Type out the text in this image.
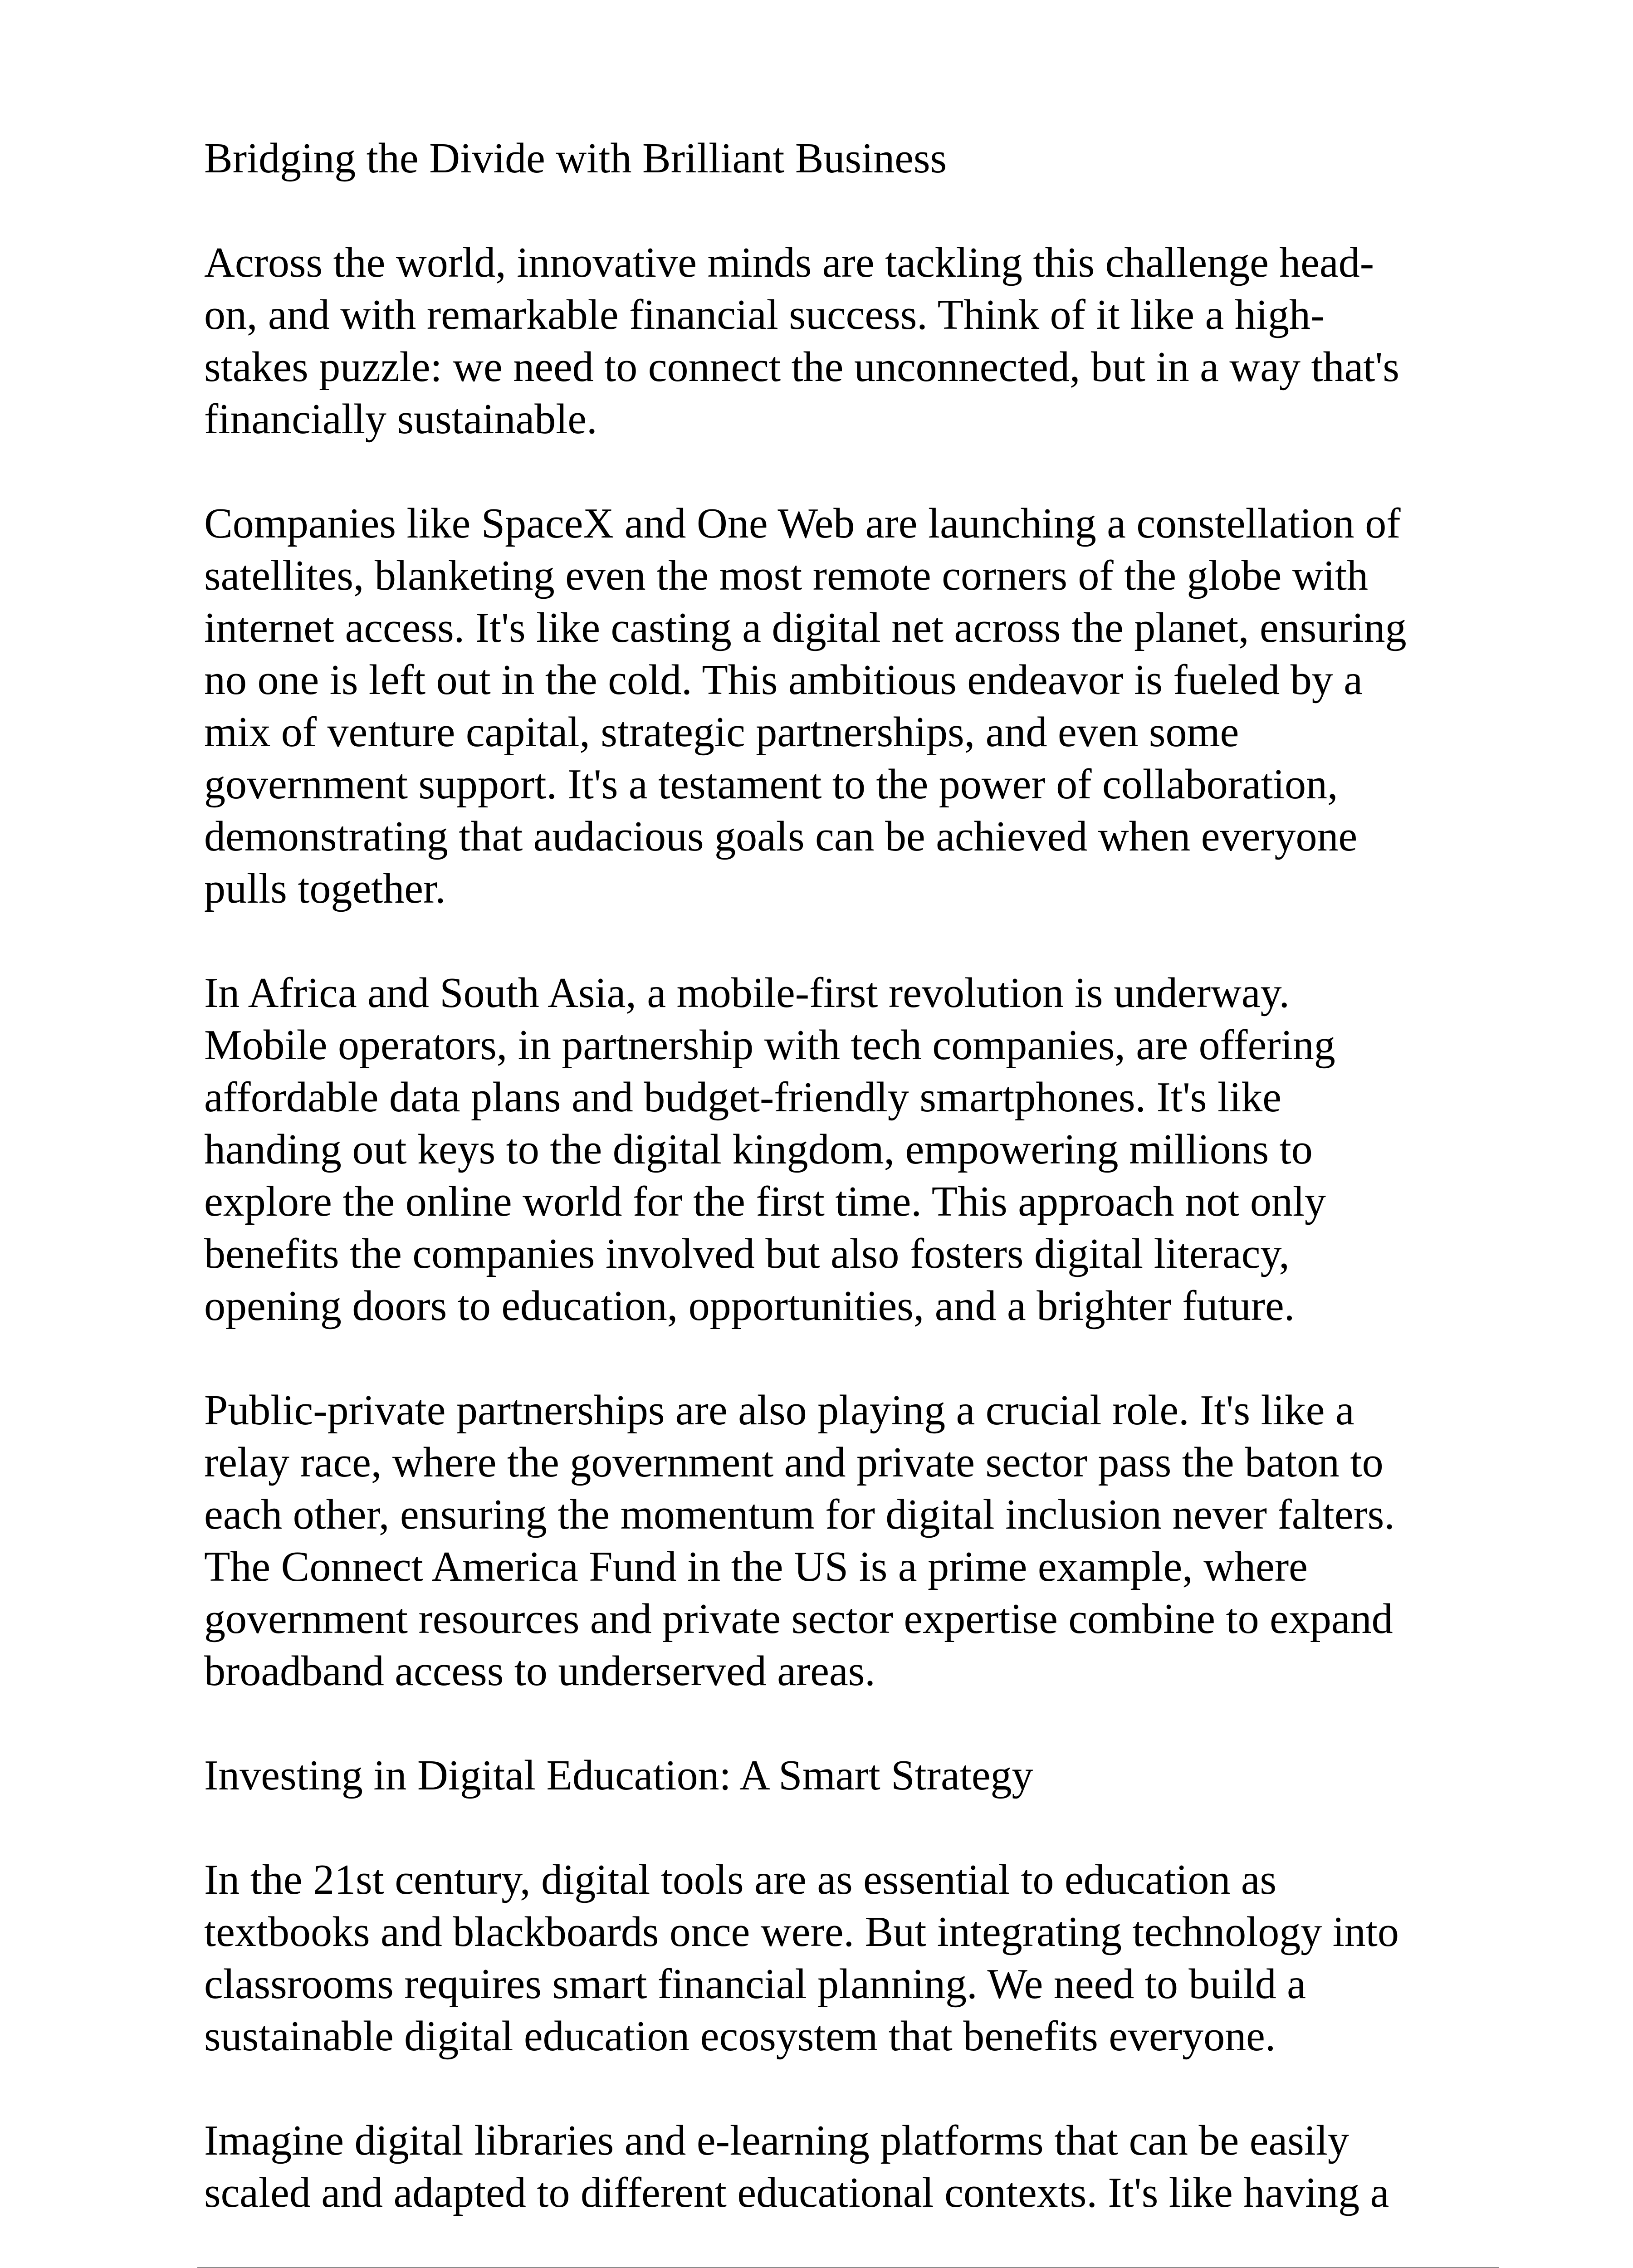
Bridging the Divide with Brilliant Business
Across the world, innovative minds are tackling this challenge head-
on, and with remarkable financial success. Think of it like a high-
stakes puzzle: we need to connect the unconnected, but in a way that's
financially sustainable.
Companies like SpaceX and One Web are launching a constellation of
satellites, blanketing even the most remote corners of the globe with
internet access. It's like casting a digital net across the planet, ensuring
no one is left out in the cold. This ambitious endeavor is fueled by a
mix of venture capital, strategic partnerships, and even some
government support. It's a testament to the power of collaboration,
demonstrating that audacious goals can be achieved when everyone
pulls together.
In Africa and South Asia, a mobile-first revolution is underway.
Mobile operators, in partnership with tech companies, are offering
affordable data plans and budget-friendly smartphones. It's like
handing out keys to the digital kingdom, empowering millions to
explore the online world for the first time. This approach not only
benefits the companies involved but also fosters digital literacy,
opening doors to education, opportunities, and a brighter future.
Public-private partnerships are also playing a crucial role. It's like a
relay race, where the government and private sector pass the baton to
each other, ensuring the momentum for digital inclusion never falters.
The Connect America Fund in the US is a prime example, where
government resources and private sector expertise combine to expand
broadband access to underserved areas.
Investing in Digital Education: A Smart Strategy
In the 21st century, digital tools are as essential to education as
textbooks and blackboards once were. But integrating technology into
classrooms requires smart financial planning. We need to build a
sustainable digital education ecosystem that benefits everyone.
Imagine digital libraries and e-learning platforms that can be easily
scaled and adapted to different educational contexts. It's like having a
